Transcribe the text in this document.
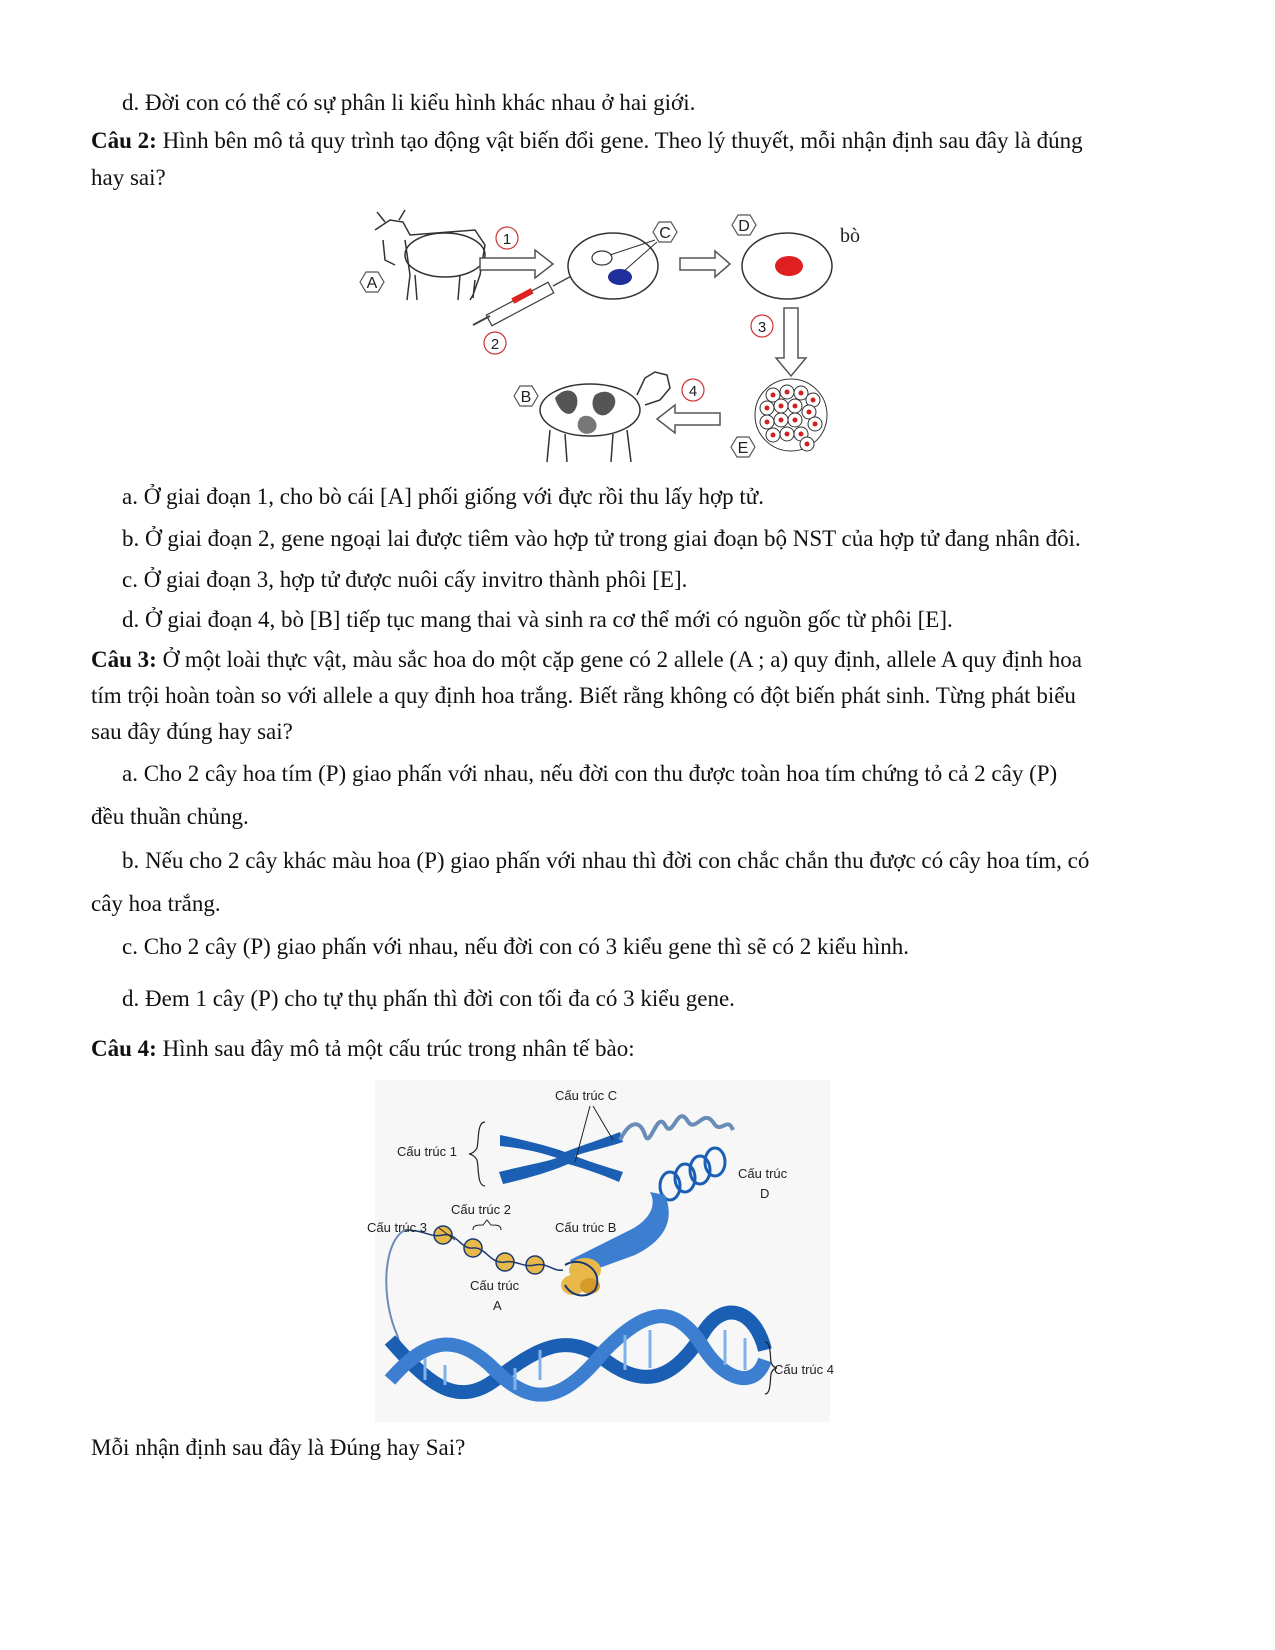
d. Đời con có thể có sự phân li kiểu hình khác nhau ở hai giới.
Câu 2: Hình bên mô tả quy trình tạo động vật biến đổi gene. Theo lý thuyết, mỗi nhận định sau đây là đúng
hay sai?
A
1
2
C	D	bò
3
E
4
B
a. Ở giai đoạn 1, cho bò cái [A] phối giống với đực rồi thu lấy hợp tử.
b. Ở giai đoạn 2, gene ngoại lai được tiêm vào hợp tử trong giai đoạn bộ NST của hợp tử đang nhân đôi.
c. Ở giai đoạn 3, hợp tử được nuôi cấy invitro thành phôi [E].
d. Ở giai đoạn 4, bò [B] tiếp tục mang thai và sinh ra cơ thể mới có nguồn gốc từ phôi [E].
Câu 3: Ở một loài thực vật, màu sắc hoa do một cặp gene có 2 allele (A ; a) quy định, allele A quy định hoa
tím trội hoàn toàn so với allele a quy định hoa trắng. Biết rằng không có đột biến phát sinh. Từng phát biểu
sau đây đúng hay sai?
a. Cho 2 cây hoa tím (P) giao phấn với nhau, nếu đời con thu được toàn hoa tím chứng tỏ cả 2 cây (P)
đều thuần chủng.
b. Nếu cho 2 cây khác màu hoa (P) giao phấn với nhau thì đời con chắc chắn thu được có cây hoa tím, có
cây hoa trắng.
c. Cho 2 cây (P) giao phấn với nhau, nếu đời con có 3 kiểu gene thì sẽ có 2 kiểu hình.
d. Đem 1 cây (P) cho tự thụ phấn thì đời con tối đa có 3 kiểu gene.
Câu 4: Hình sau đây mô tả một cấu trúc trong nhân tế bào:
Cấu trúc 1
Cấu trúc C
Cấu trúc
D
Cấu trúc B
Cấu trúc 2
Cấu trúc 3
Cấu trúc
A
Cấu trúc 4
Mỗi nhận định sau đây là Đúng hay Sai?
